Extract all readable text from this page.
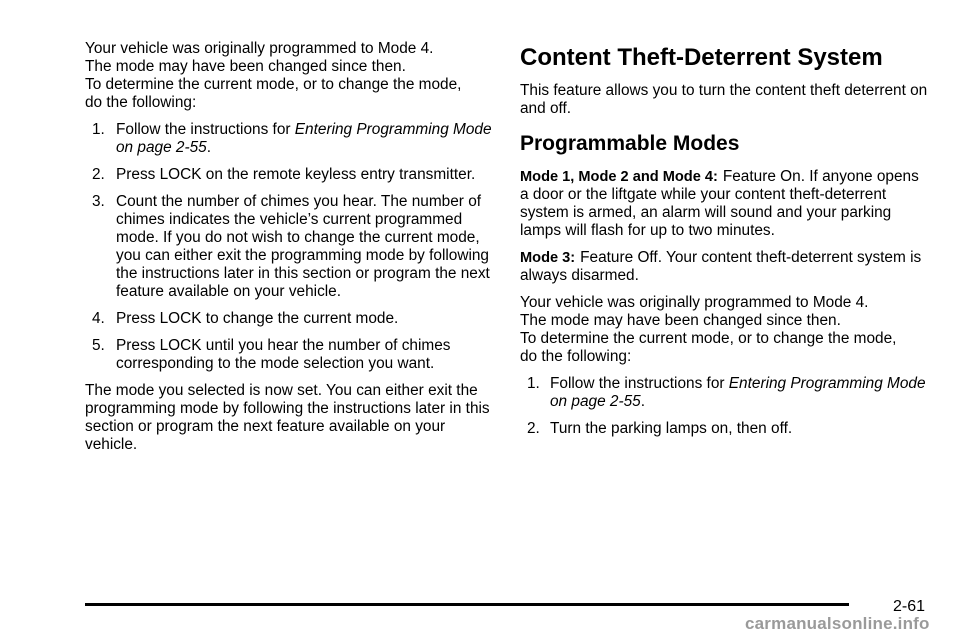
Your vehicle was originally programmed to Mode 4.
The mode may have been changed since then.
To determine the current mode, or to change the mode,
do the following:

1. Follow the instructions for Entering Programming Mode on page 2-55.
2. Press LOCK on the remote keyless entry transmitter.
3. Count the number of chimes you hear. The number of chimes indicates the vehicle’s current programmed mode. If you do not wish to change the current mode, you can either exit the programming mode by following the instructions later in this section or program the next feature available on your vehicle.
4. Press LOCK to change the current mode.
5. Press LOCK until you hear the number of chimes corresponding to the mode selection you want.

The mode you selected is now set. You can either exit the programming mode by following the instructions later in this section or program the next feature available on your vehicle.

Content Theft-Deterrent System

This feature allows you to turn the content theft deterrent on and off.

Programmable Modes

Mode 1, Mode 2 and Mode 4: Feature On. If anyone opens a door or the liftgate while your content theft-deterrent system is armed, an alarm will sound and your parking lamps will flash for up to two minutes.

Mode 3: Feature Off. Your content theft-deterrent system is always disarmed.

Your vehicle was originally programmed to Mode 4.
The mode may have been changed since then.
To determine the current mode, or to change the mode,
do the following:

1. Follow the instructions for Entering Programming Mode on page 2-55.
2. Turn the parking lamps on, then off.
2-61
carmanualsonline.info
